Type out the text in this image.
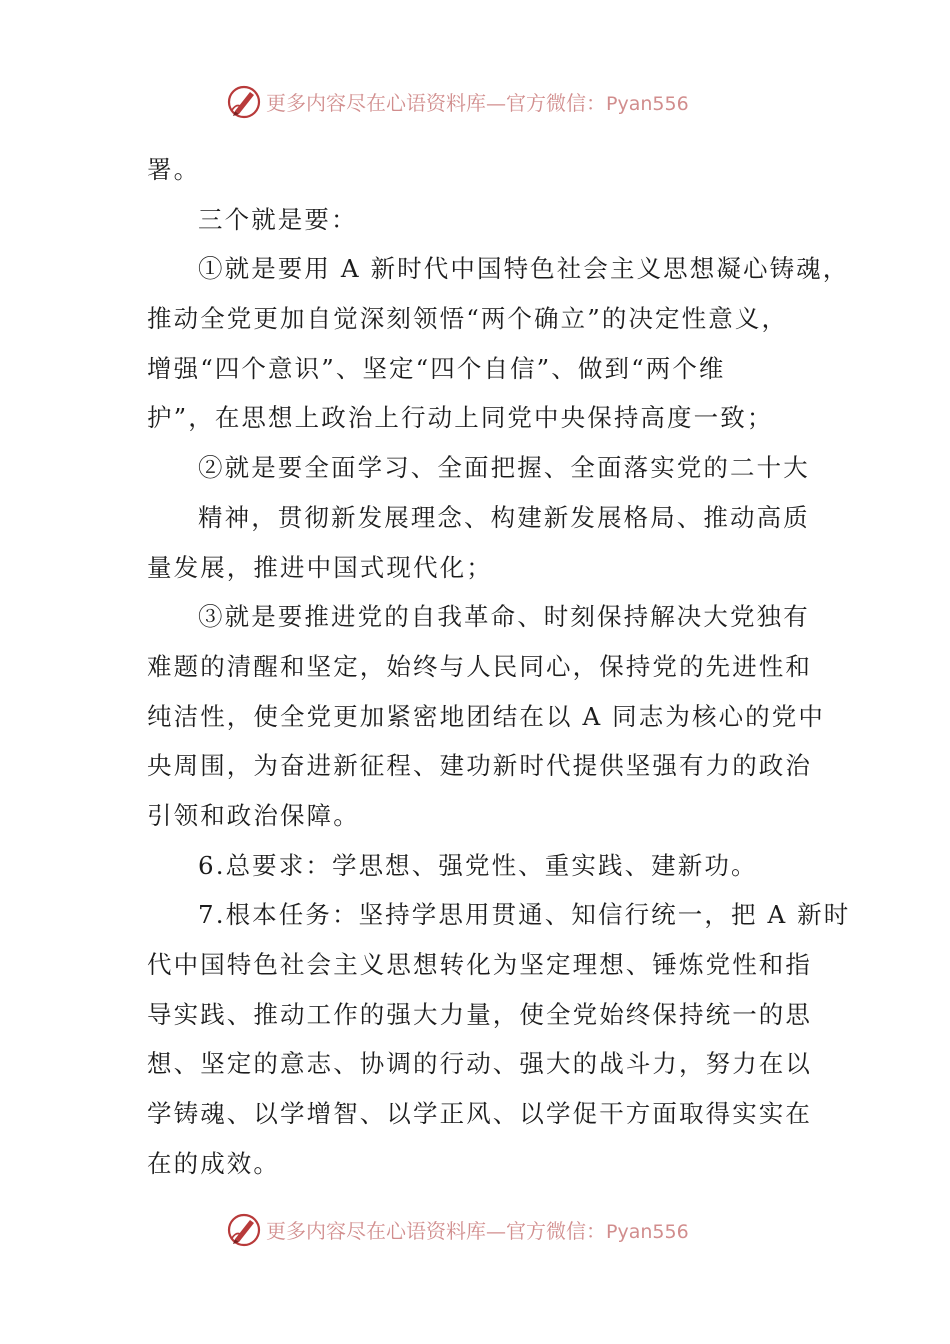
更多内容尽在心语资料库—官方微信：Pyan556

署。

三个就是要：

①就是要用 A 新时代中国特色社会主义思想凝心铸魂，
推动全党更加自觉深刻领悟“两个确立”的决定性意义，
增强“四个意识”、坚定“四个自信”、做到“两个维
护”，在思想上政治上行动上同党中央保持高度一致；

②就是要全面学习、全面把握、全面落实党的二十大
精神，贯彻新发展理念、构建新发展格局、推动高质
量发展，推进中国式现代化；

③就是要推进党的自我革命、时刻保持解决大党独有
难题的清醒和坚定，始终与人民同心，保持党的先进性和
纯洁性，使全党更加紧密地团结在以 A 同志为核心的党中
央周围，为奋进新征程、建功新时代提供坚强有力的政治
引领和政治保障。

6.总要求：学思想、强党性、重实践、建新功。

7.根本任务：坚持学思用贯通、知信行统一，把 A 新时
代中国特色社会主义思想转化为坚定理想、锤炼党性和指
导实践、推动工作的强大力量，使全党始终保持统一的思
想、坚定的意志、协调的行动、强大的战斗力，努力在以
学铸魂、以学增智、以学正风、以学促干方面取得实实在
在的成效。

更多内容尽在心语资料库—官方微信：Pyan556
